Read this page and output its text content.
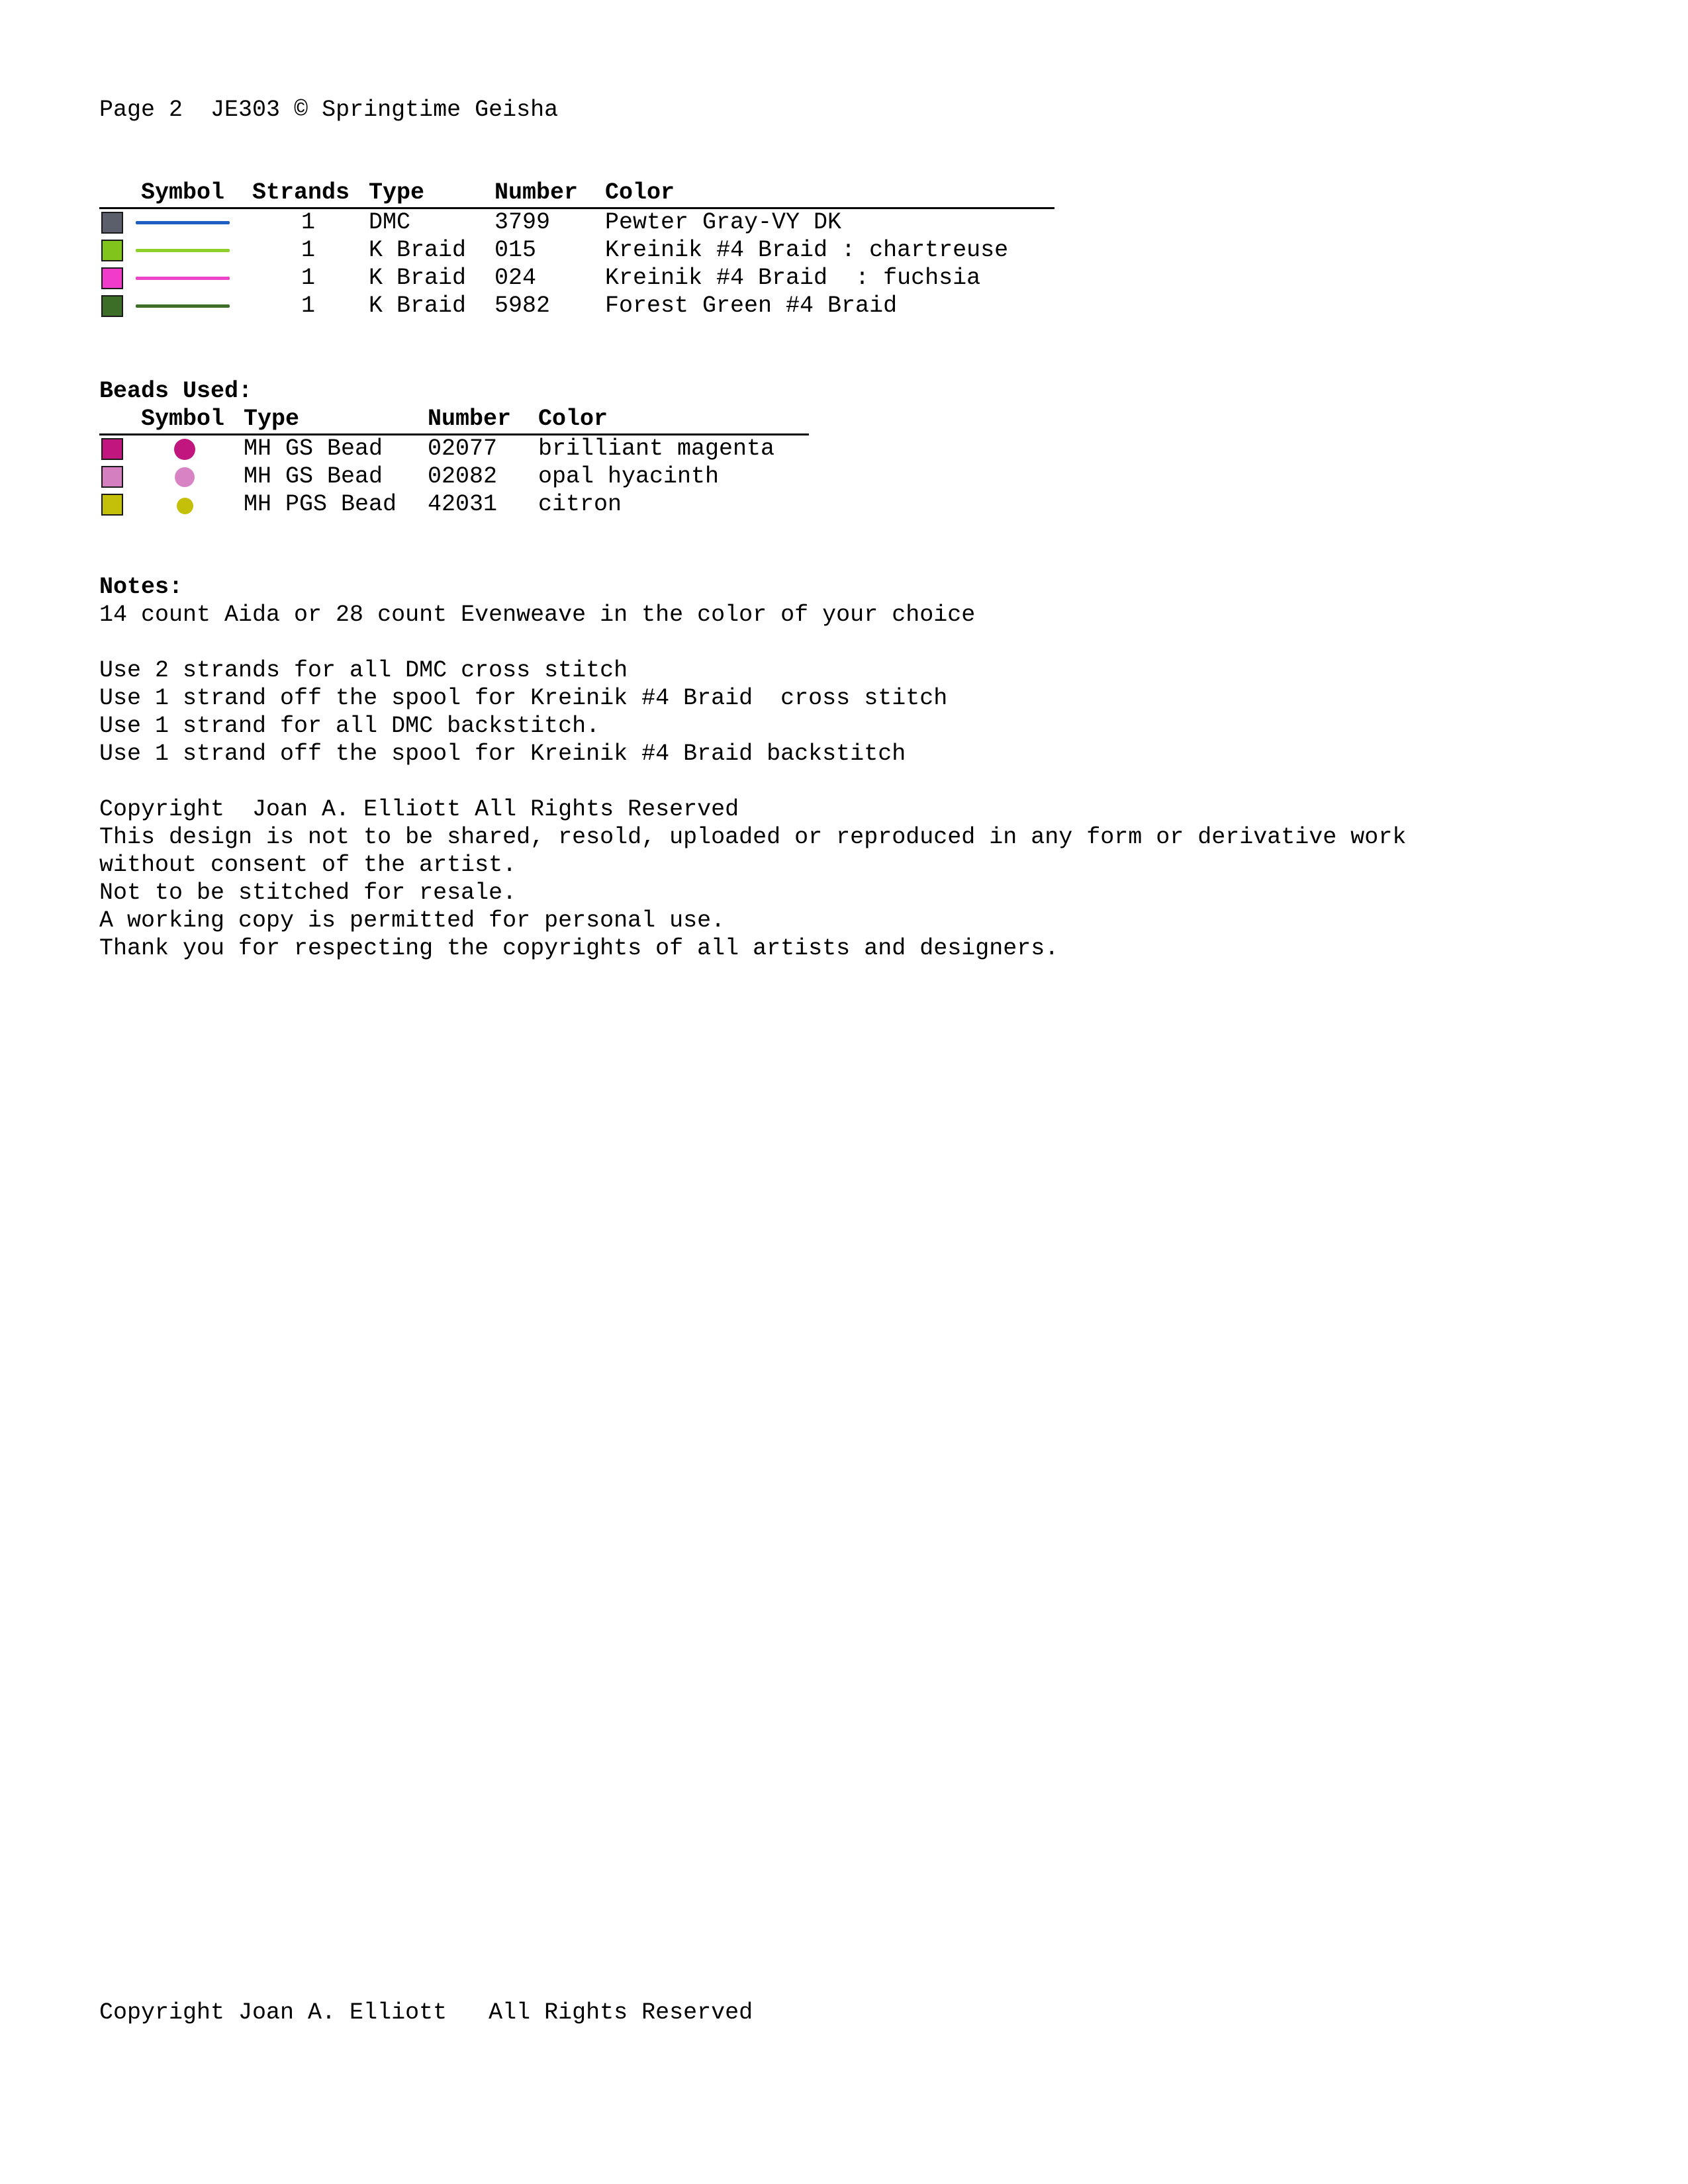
Page 2 JE303 © Springtime Geisha
Symbol Strands Type	Number Color
1 DMC	3799 Pewter Gray-VY DK
1 K Braid 015	Kreinik #4 Braid : chartreuse
1 K Braid 024	Kreinik #4 Braid  : fuchsia
1 K Braid 5982 Forest Green #4 Braid
Beads Used:
Symbol Type	Number Color
MH GS Bead 02077 brilliant magenta
MH GS Bead 02082 opal hyacinth
MH PGS Bead 42031 citron
Notes:
14 count Aida or 28 count Evenweave in the color of your choice
Use 2 strands for all DMC cross stitch
Use 1 strand off the spool for Kreinik #4 Braid  cross stitch
Use 1 strand for all DMC backstitch.
Use 1 strand off the spool for Kreinik #4 Braid backstitch
Copyright  Joan A. Elliott All Rights Reserved
This design is not to be shared, resold, uploaded or reproduced in any form or derivative work
without consent of the artist.
Not to be stitched for resale.
A working copy is permitted for personal use.
Thank you for respecting the copyrights of all artists and designers.
Copyright Joan A. Elliott   All Rights Reserved
